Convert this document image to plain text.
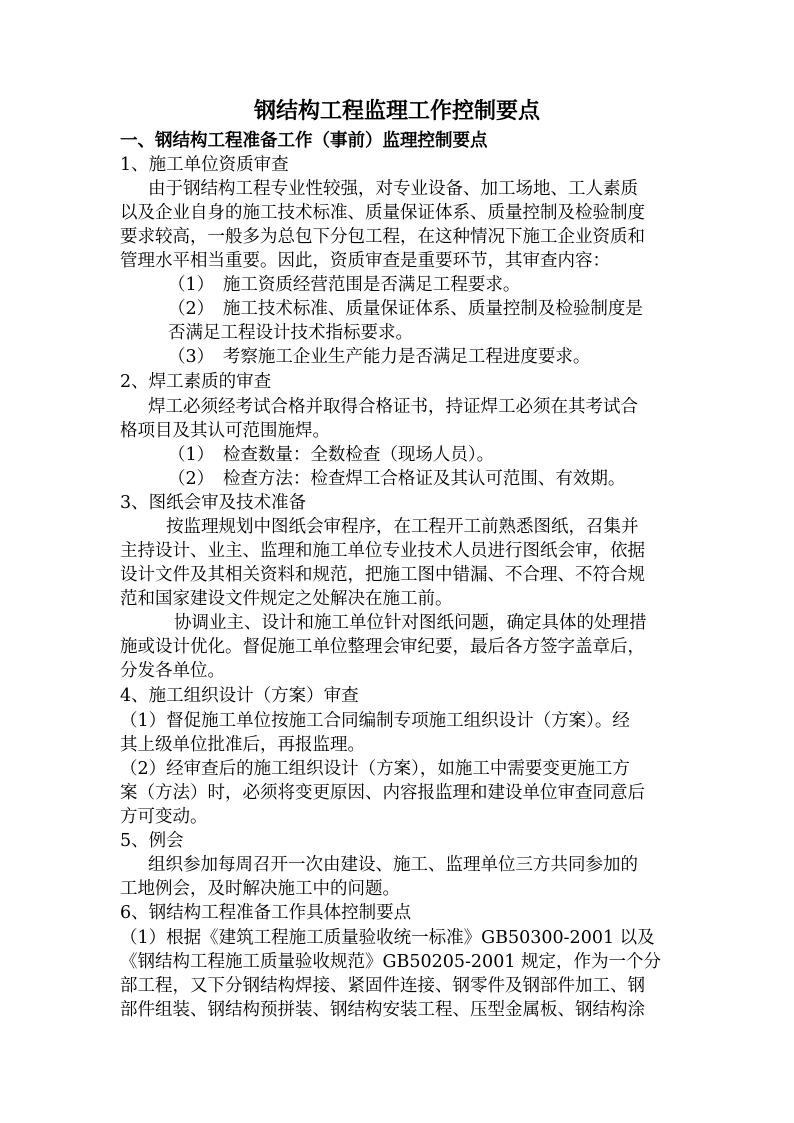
钢结构工程监理工作控制要点
一、钢结构工程准备工作（事前）监理控制要点
1、施工单位资质审查
由于钢结构工程专业性较强，对专业设备、加工场地、工人素质
以及企业自身的施工技术标准、质量保证体系、质量控制及检验制度
要求较高，一般多为总包下分包工程，在这种情况下施工企业资质和
管理水平相当重要。因此，资质审查是重要环节，其审查内容：
（1）　施工资质经营范围是否满足工程要求。
（2）　施工技术标准、质量保证体系、质量控制及检验制度是
否满足工程设计技术指标要求。
（3）　考察施工企业生产能力是否满足工程进度要求。
2、焊工素质的审查
焊工必须经考试合格并取得合格证书，持证焊工必须在其考试合
格项目及其认可范围施焊。
（1）　检查数量：全数检查（现场人员）。
（2）　检查方法：检查焊工合格证及其认可范围、有效期。
3、图纸会审及技术准备
按监理规划中图纸会审程序，在工程开工前熟悉图纸，召集并
主持设计、业主、监理和施工单位专业技术人员进行图纸会审，依据
设计文件及其相关资料和规范，把施工图中错漏、不合理、不符合规
范和国家建设文件规定之处解决在施工前。
协调业主、设计和施工单位针对图纸问题，确定具体的处理措
施或设计优化。督促施工单位整理会审纪要，最后各方签字盖章后，
分发各单位。
4、施工组织设计（方案）审查
（1）督促施工单位按施工合同编制专项施工组织设计（方案）。经
其上级单位批准后，再报监理。
（2）经审查后的施工组织设计（方案），如施工中需要变更施工方
案（方法）时，必须将变更原因、内容报监理和建设单位审查同意后
方可变动。
5、例会
组织参加每周召开一次由建设、施工、监理单位三方共同参加的
工地例会，及时解决施工中的问题。
6、钢结构工程准备工作具体控制要点
（1）根据《建筑工程施工质量验收统一标准》GB50300-2001 以及
《钢结构工程施工质量验收规范》GB50205-2001 规定，作为一个分
部工程，又下分钢结构焊接、紧固件连接、钢零件及钢部件加工、钢
部件组装、钢结构预拼装、钢结构安装工程、压型金属板、钢结构涂
